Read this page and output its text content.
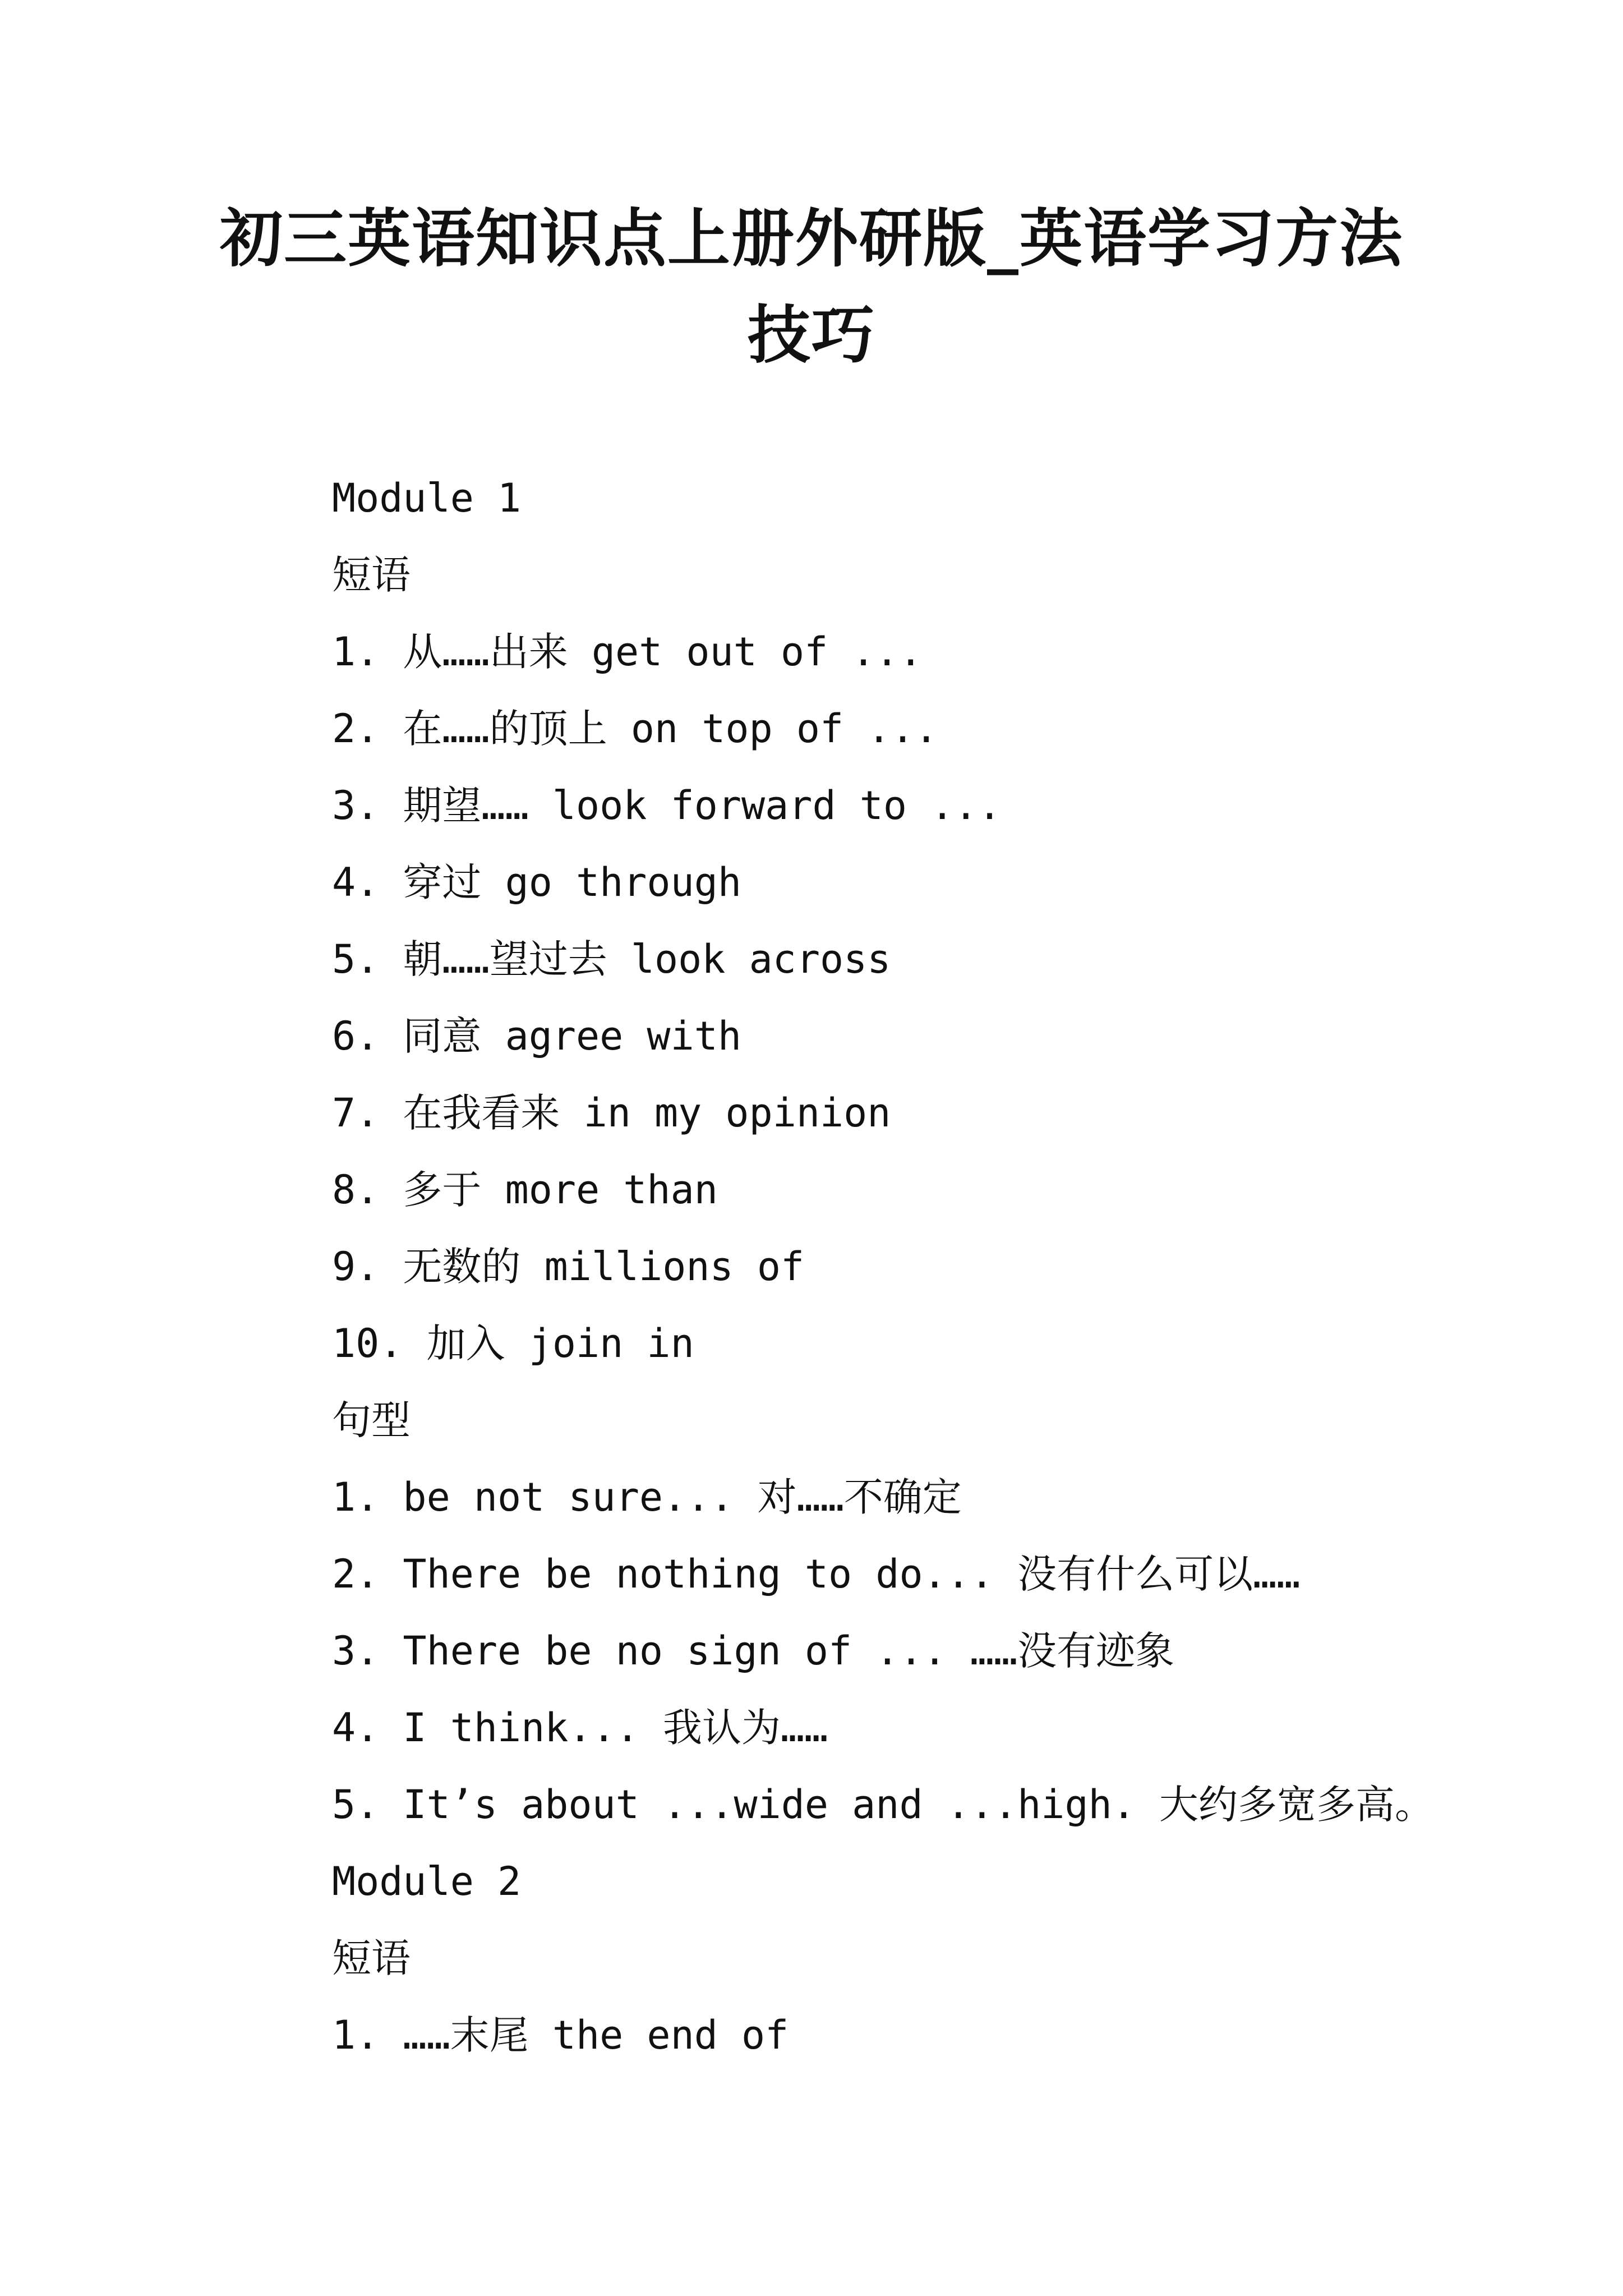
初三英语知识点上册外研版_英语学习方法
技巧
Module 1
短语
1. 从……出来 get out of ...
2. 在……的顶上 on top of ...
3. 期望…… look forward to ...
4. 穿过 go through
5. 朝……望过去 look across
6. 同意 agree with
7. 在我看来 in my opinion
8. 多于 more than
9. 无数的 millions of
10. 加入 join in
句型
1. be not sure... 对……不确定
2. There be nothing to do... 没有什么可以……
3. There be no sign of ... ……没有迹象
4. I think... 我认为……
5. It’s about ...wide and ...high. 大约多宽多高。
Module 2
短语
1. ……末尾 the end of
